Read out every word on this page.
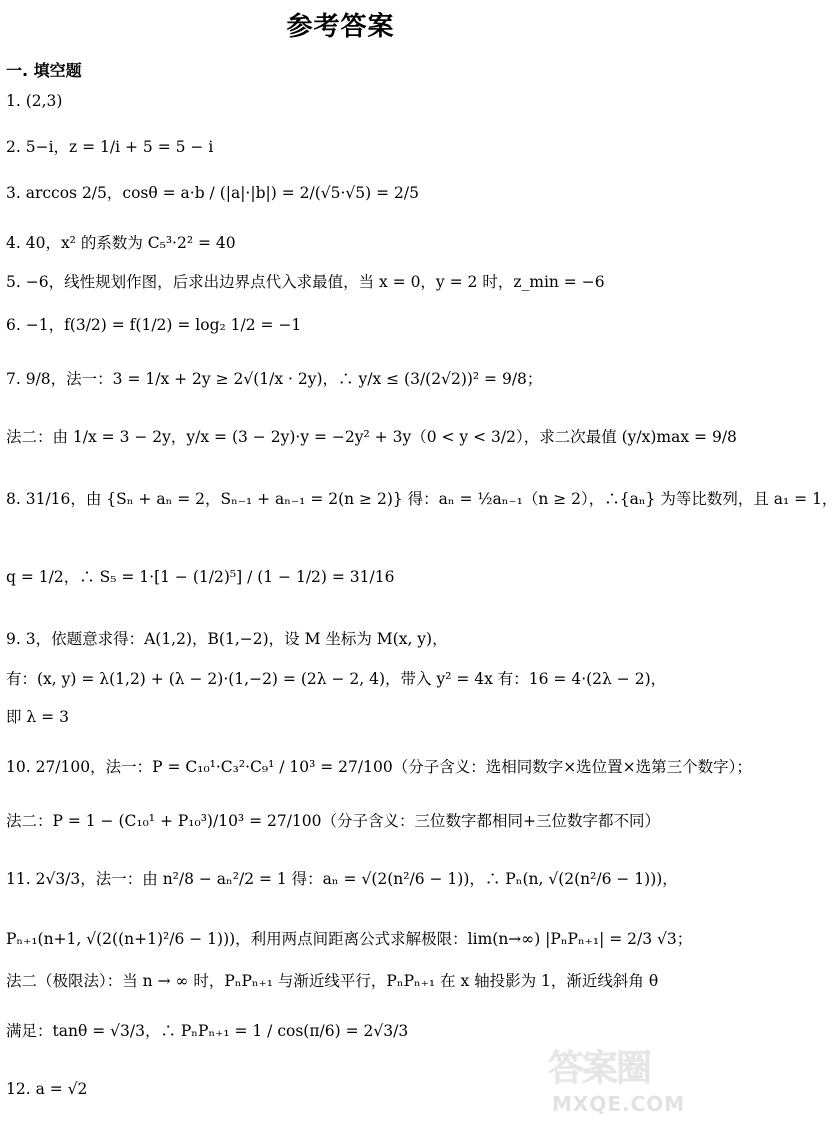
参考答案
一. 填空题
1. (2,3)
2. 5−i，z = 1/i + 5 = 5 − i
3. arccos 2/5，cosθ = a·b / (|a|·|b|) = 2/(√5·√5) = 2/5
4. 40，x² 的系数为 C₅³·2² = 40
5. −6，线性规划作图，后求出边界点代入求最值，当 x = 0，y = 2 时，z_min = −6
6. −1，f(3/2) = f(1/2) = log₂ 1/2 = −1
7. 9/8，法一：3 = 1/x + 2y ≥ 2√(1/x · 2y)，∴ y/x ≤ (3/(2√2))² = 9/8；
法二：由 1/x = 3 − 2y，y/x = (3 − 2y)·y = −2y² + 3y（0 < y < 3/2），求二次最值 (y/x)max = 9/8
8. 31/16，由 {Sₙ + aₙ = 2，Sₙ₋₁ + aₙ₋₁ = 2(n ≥ 2)} 得：aₙ = ½aₙ₋₁（n ≥ 2），∴{aₙ} 为等比数列，且 a₁ = 1，
q = 1/2，∴ S₅ = 1·[1 − (1/2)⁵] / (1 − 1/2) = 31/16
9. 3，依题意求得：A(1,2)，B(1,−2)，设 M 坐标为 M(x, y)，
有：(x, y) = λ(1,2) + (λ − 2)·(1,−2) = (2λ − 2, 4)，带入 y² = 4x 有：16 = 4·(2λ − 2)，
即 λ = 3
10. 27/100，法一：P = C₁₀¹·C₃²·C₉¹ / 10³ = 27/100（分子含义：选相同数字×选位置×选第三个数字）；
法二：P = 1 − (C₁₀¹ + P₁₀³)/10³ = 27/100（分子含义：三位数字都相同+三位数字都不同）
11. 2√3/3，法一：由 n²/8 − aₙ²/2 = 1 得：aₙ = √(2(n²/6 − 1))，∴ Pₙ(n, √(2(n²/6 − 1)))，
Pₙ₊₁(n+1, √(2((n+1)²/6 − 1)))，利用两点间距离公式求解极限：lim(n→∞) |PₙPₙ₊₁| = 2/3 √3；
法二（极限法）：当 n → ∞ 时，PₙPₙ₊₁ 与渐近线平行，PₙPₙ₊₁ 在 x 轴投影为 1，渐近线斜角 θ
满足：tanθ = √3/3，∴ PₙPₙ₊₁ = 1 / cos(π/6) = 2√3/3
12. a = √2	答案圈
MXQE.COM
